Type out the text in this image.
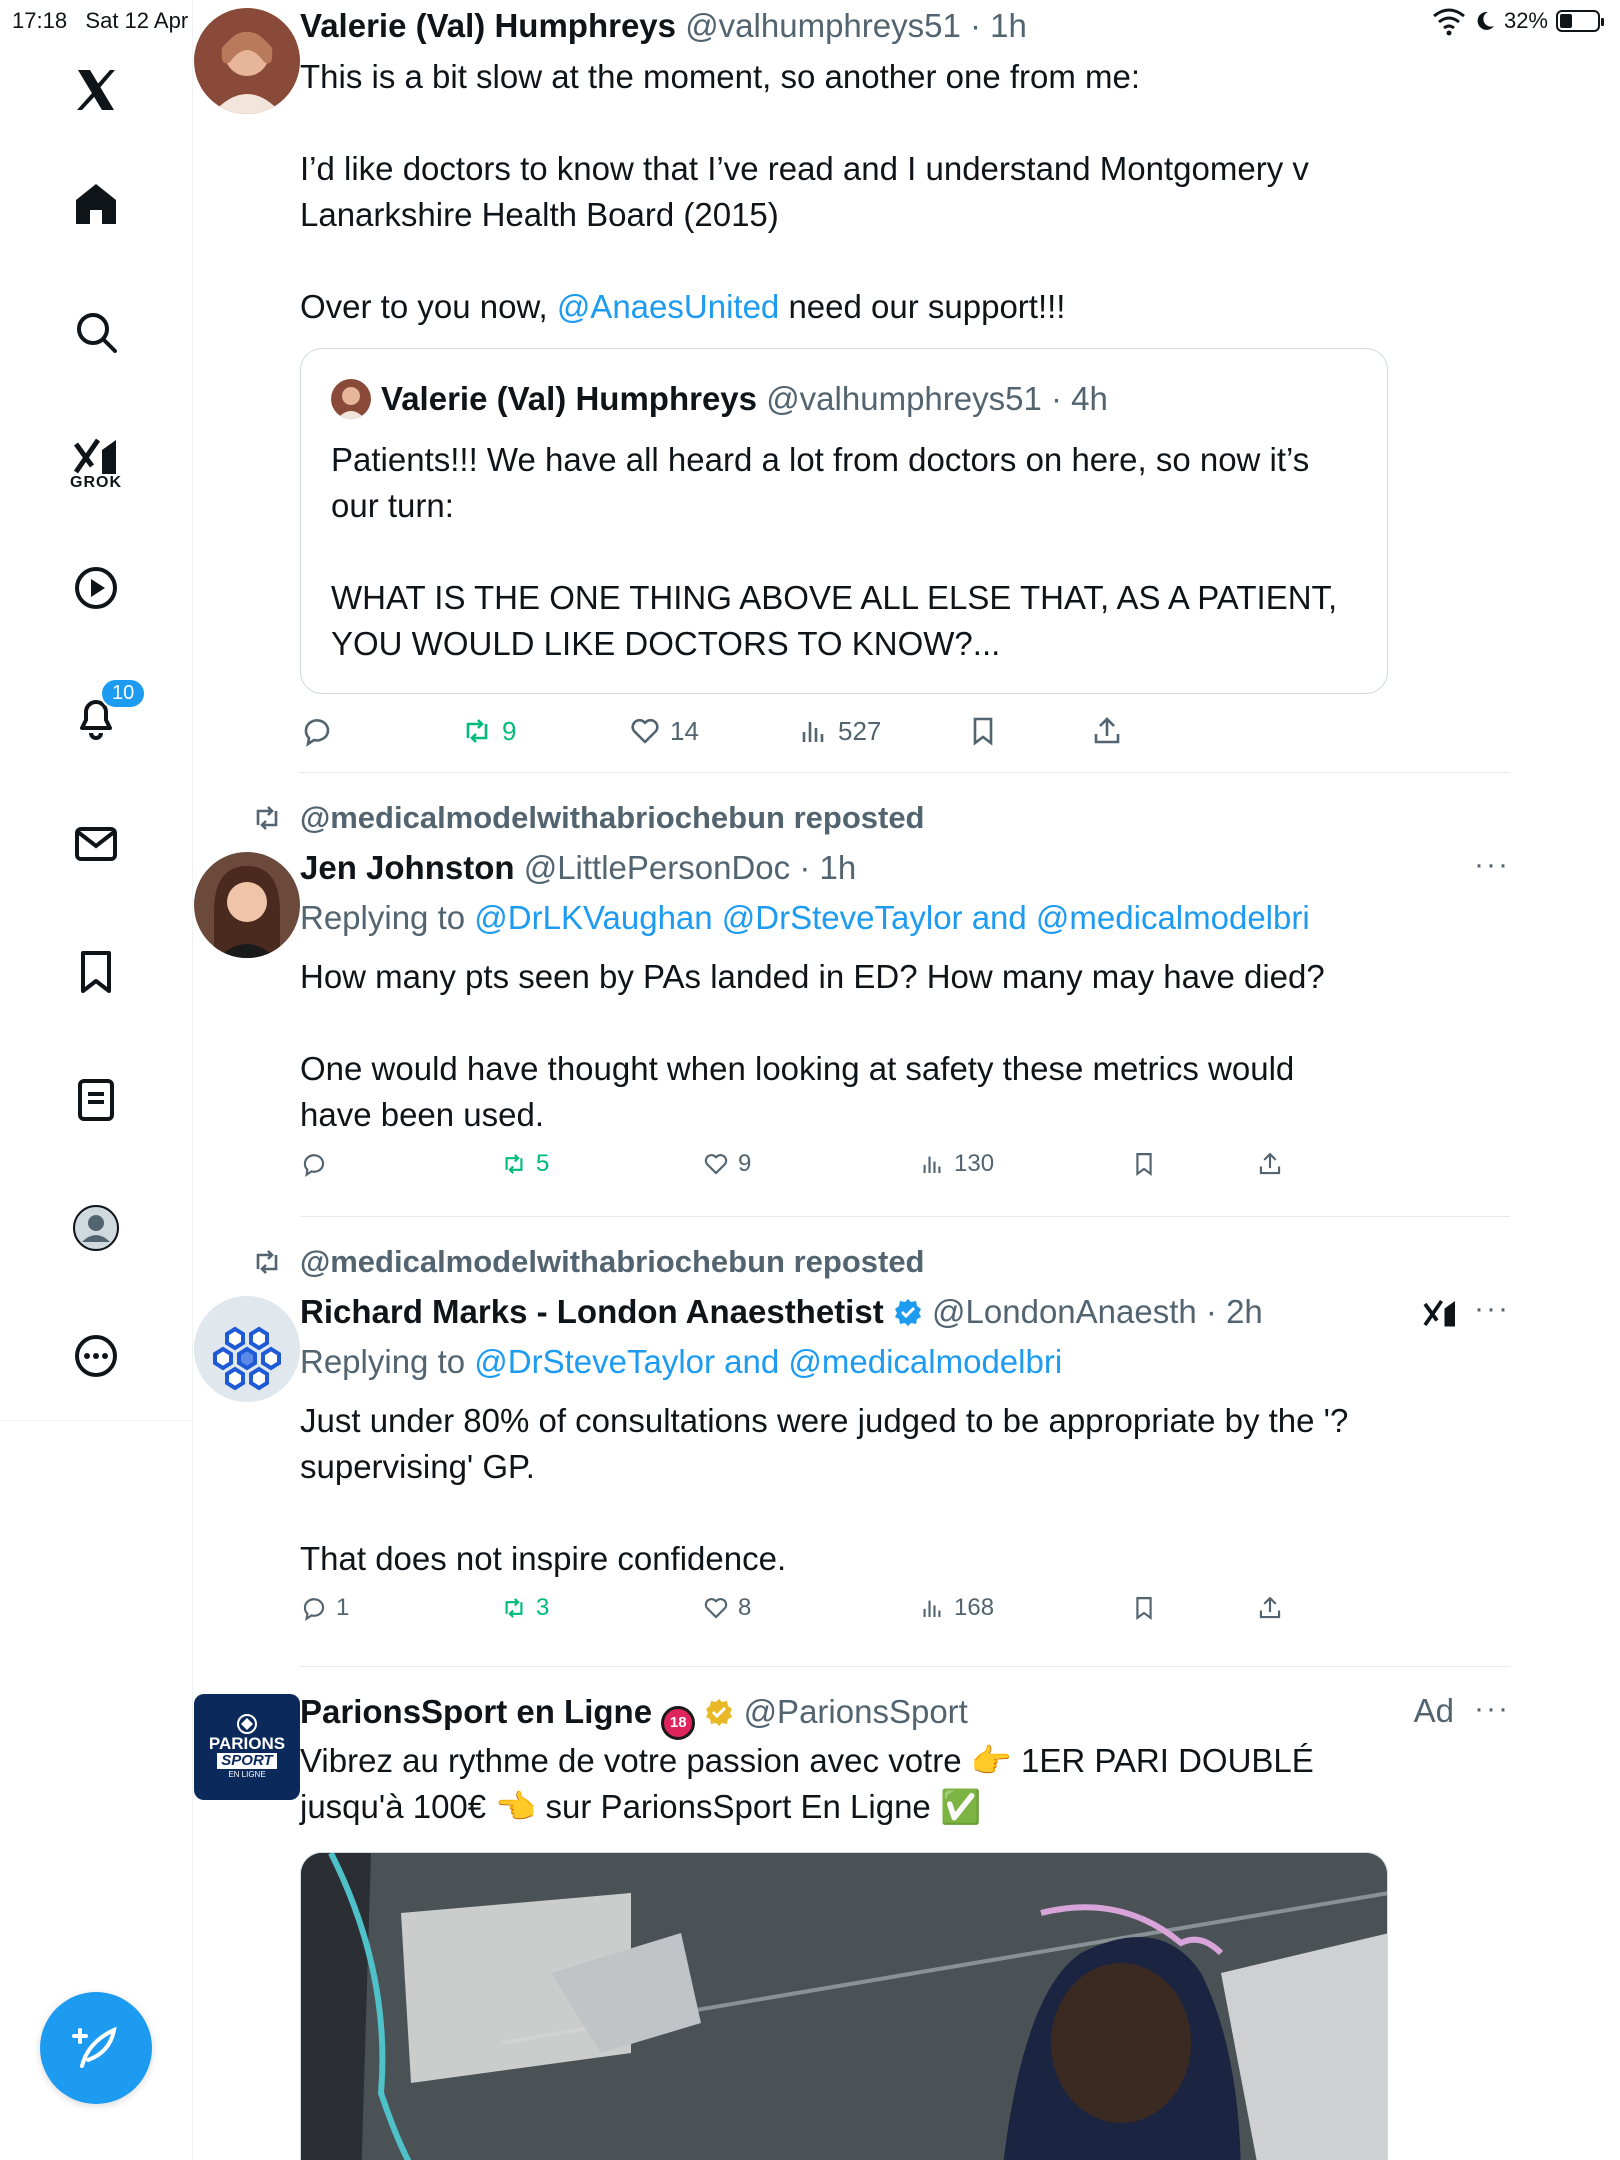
17:18 Sat 12 Apr	32%
GROK
10
Valerie (Val) Humphreys @valhumphreys51 · 1h

This is a bit slow at the moment, so another one from me:

I’d like doctors to know that I’ve read and I understand Montgomery v

Lanarkshire Health Board (2015)

Over to you now, @AnaesUnited need our support!!!

Valerie (Val) Humphreys @valhumphreys51 · 4h

Patients!!! We have all heard a lot from doctors on here, so now it’s

our turn:

WHAT IS THE ONE THING ABOVE ALL ELSE THAT, AS A PATIENT,

YOU WOULD LIKE DOCTORS TO KNOW?...

9	14	527
@medicalmodelwithabriochebun reposted
Jen Johnston @LittlePersonDoc · 1h	···
Replying to @DrLKVaughan @DrSteveTaylor and @medicalmodelbri

How many pts seen by PAs landed in ED? How many may have died?

One would have thought when looking at safety these metrics would

have been used.

5	9	130
@medicalmodelwithabriochebun reposted
Richard Marks - London Anaesthetist @LondonAnaesth · 2h	···
Replying to @DrSteveTaylor and @medicalmodelbri

Just under 80% of consultations were judged to be appropriate by the '?

supervising' GP.

That does not inspire confidence.

1	3	8	168
PARIONS
SPORT
EN LIGNE
ParionsSport en Ligne 18 @ParionsSport	Ad ···

Vibrez au rythme de votre passion avec votre 👉 1ER PARI DOUBLÉ

jusqu'à 100€ 👈 sur ParionsSport En Ligne ✅
